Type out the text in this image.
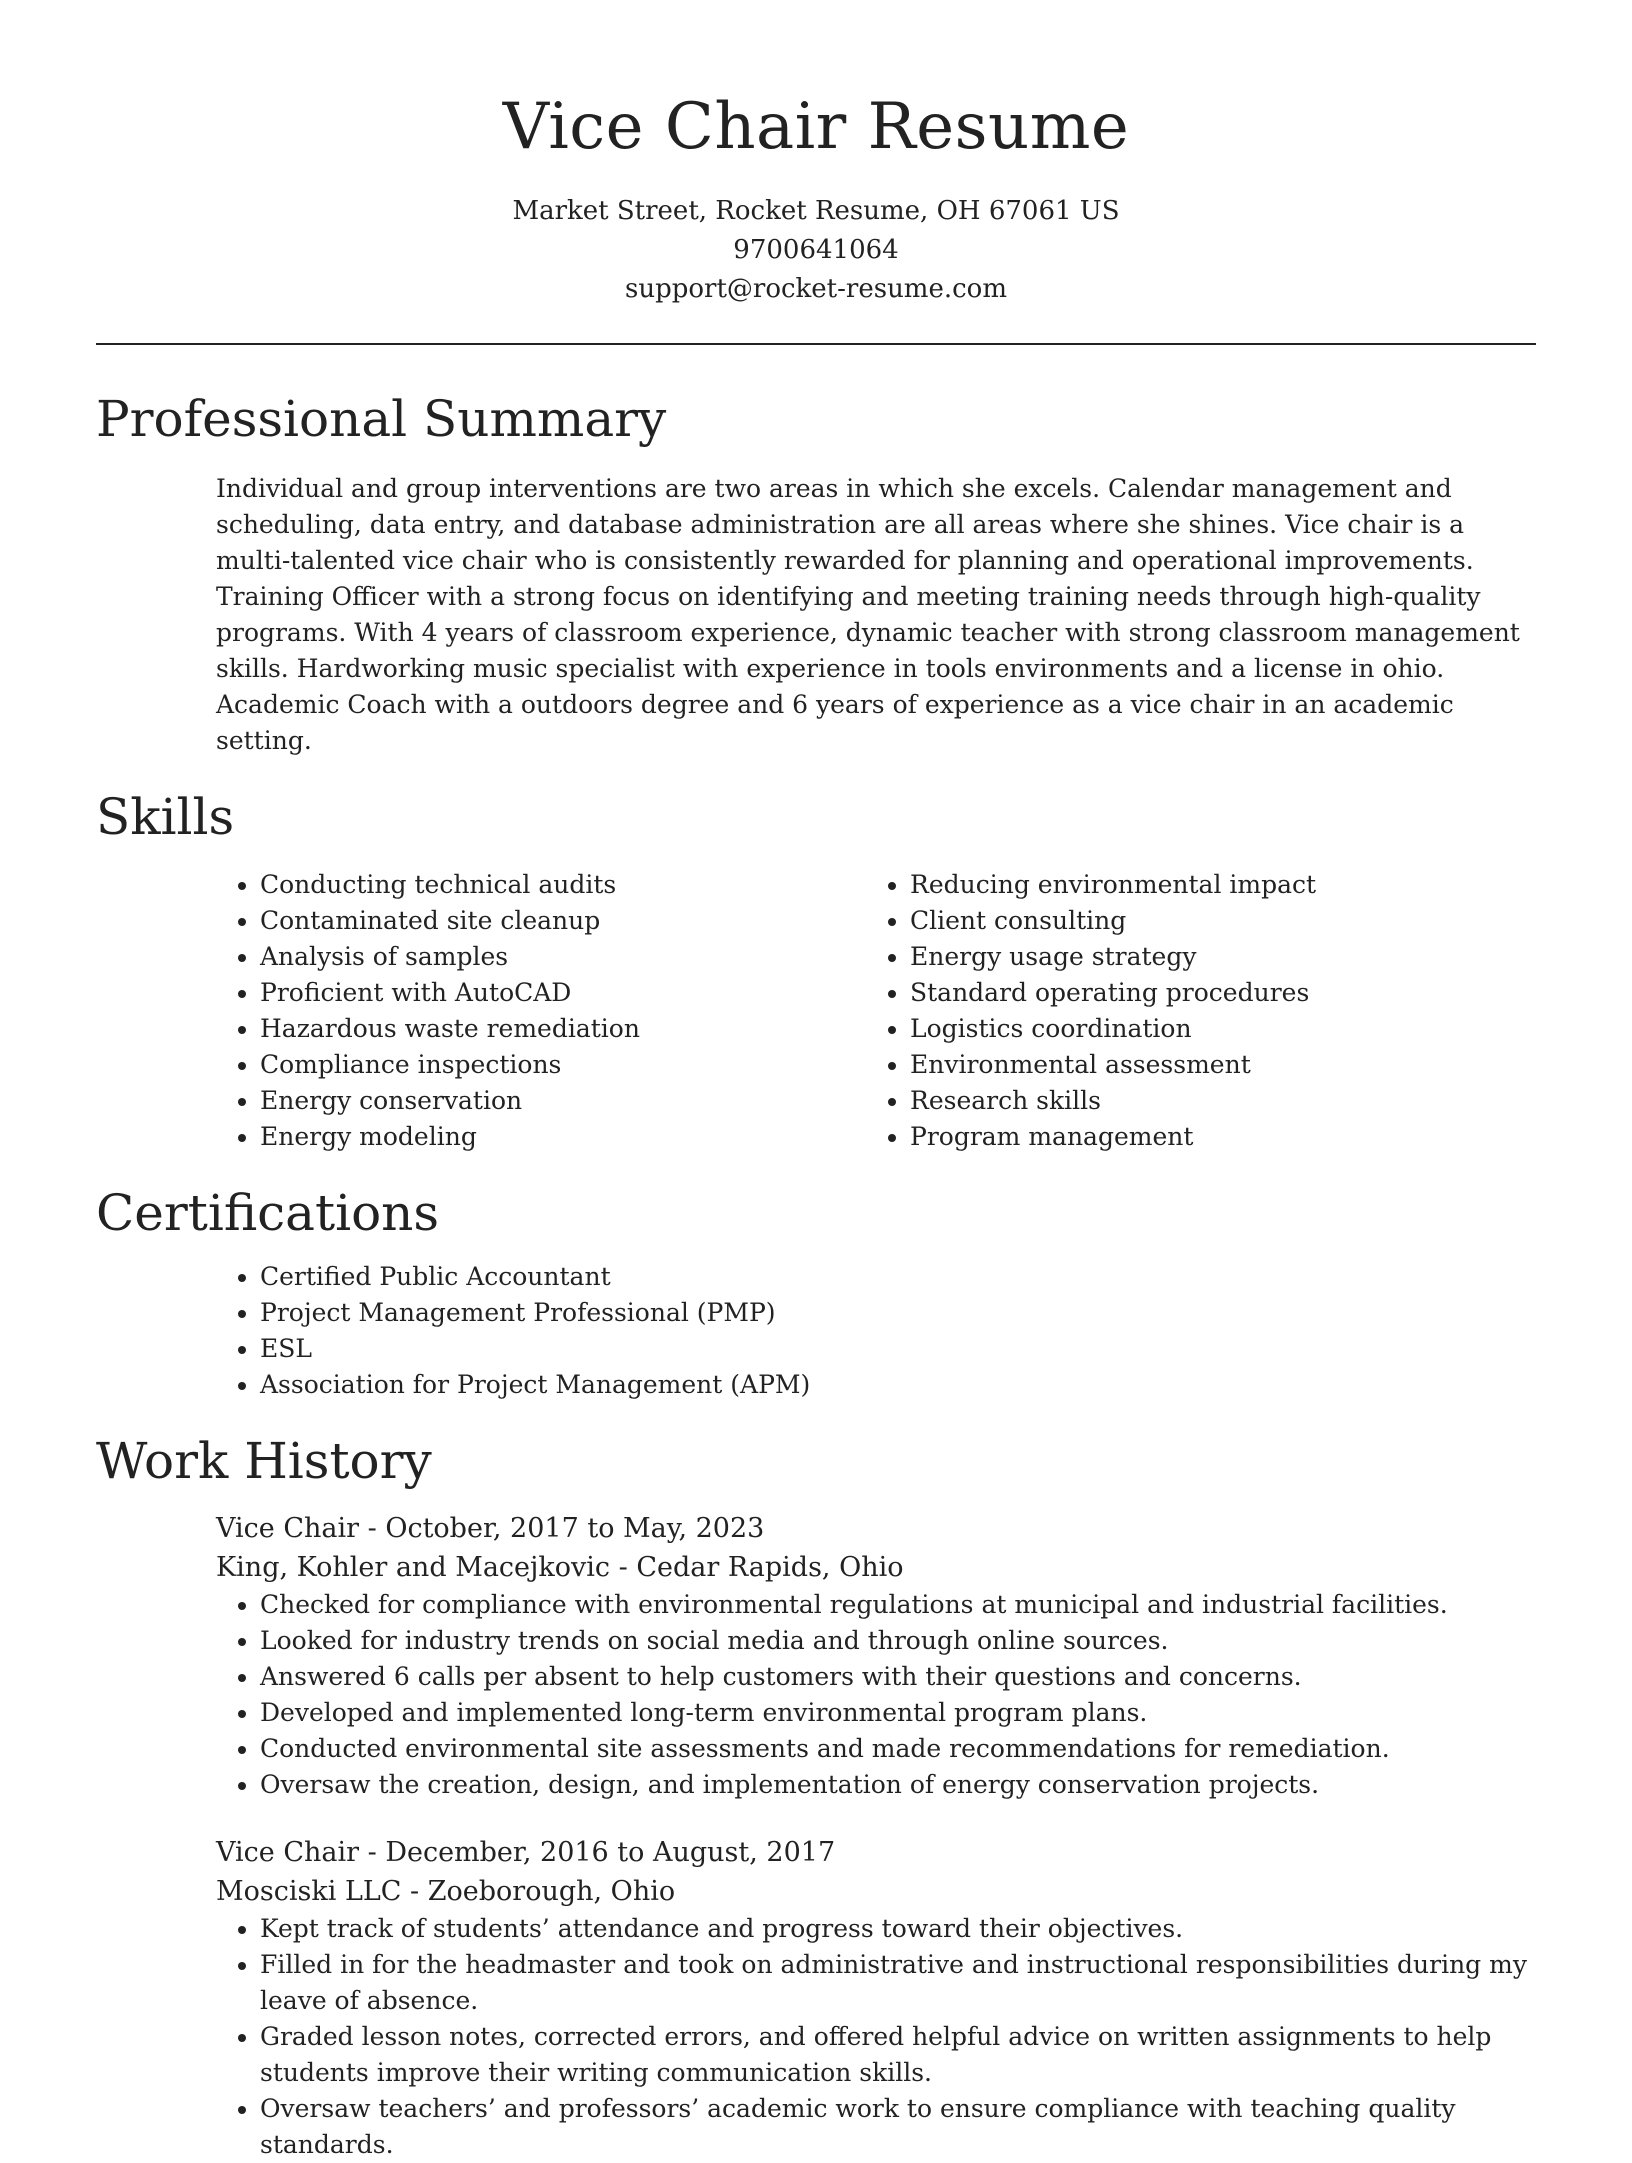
Vice Chair Resume
Market Street, Rocket Resume, OH 67061 US
9700641064
support@rocket-resume.com
Professional Summary
Individual and group interventions are two areas in which she excels. Calendar management and scheduling, data entry, and database administration are all areas where she shines. Vice chair is a multi-talented vice chair who is consistently rewarded for planning and operational improvements. Training Officer with a strong focus on identifying and meeting training needs through high-quality programs. With 4 years of classroom experience, dynamic teacher with strong classroom management skills. Hardworking music specialist with experience in tools environments and a license in ohio. Academic Coach with a outdoors degree and 6 years of experience as a vice chair in an academic setting.
Skills
• Conducting technical audits
• Contaminated site cleanup
• Analysis of samples
• Proficient with AutoCAD
• Hazardous waste remediation
• Compliance inspections
• Energy conservation
• Energy modeling
• Reducing environmental impact
• Client consulting
• Energy usage strategy
• Standard operating procedures
• Logistics coordination
• Environmental assessment
• Research skills
• Program management
Certifications
• Certified Public Accountant
• Project Management Professional (PMP)
• ESL
• Association for Project Management (APM)
Work History
Vice Chair - October, 2017 to May, 2023
King, Kohler and Macejkovic - Cedar Rapids, Ohio
• Checked for compliance with environmental regulations at municipal and industrial facilities.
• Looked for industry trends on social media and through online sources.
• Answered 6 calls per absent to help customers with their questions and concerns.
• Developed and implemented long-term environmental program plans.
• Conducted environmental site assessments and made recommendations for remediation.
• Oversaw the creation, design, and implementation of energy conservation projects.
Vice Chair - December, 2016 to August, 2017
Mosciski LLC - Zoeborough, Ohio
• Kept track of students’ attendance and progress toward their objectives.
• Filled in for the headmaster and took on administrative and instructional responsibilities during my leave of absence.
• Graded lesson notes, corrected errors, and offered helpful advice on written assignments to help students improve their writing communication skills.
• Oversaw teachers’ and professors’ academic work to ensure compliance with teaching quality standards.
